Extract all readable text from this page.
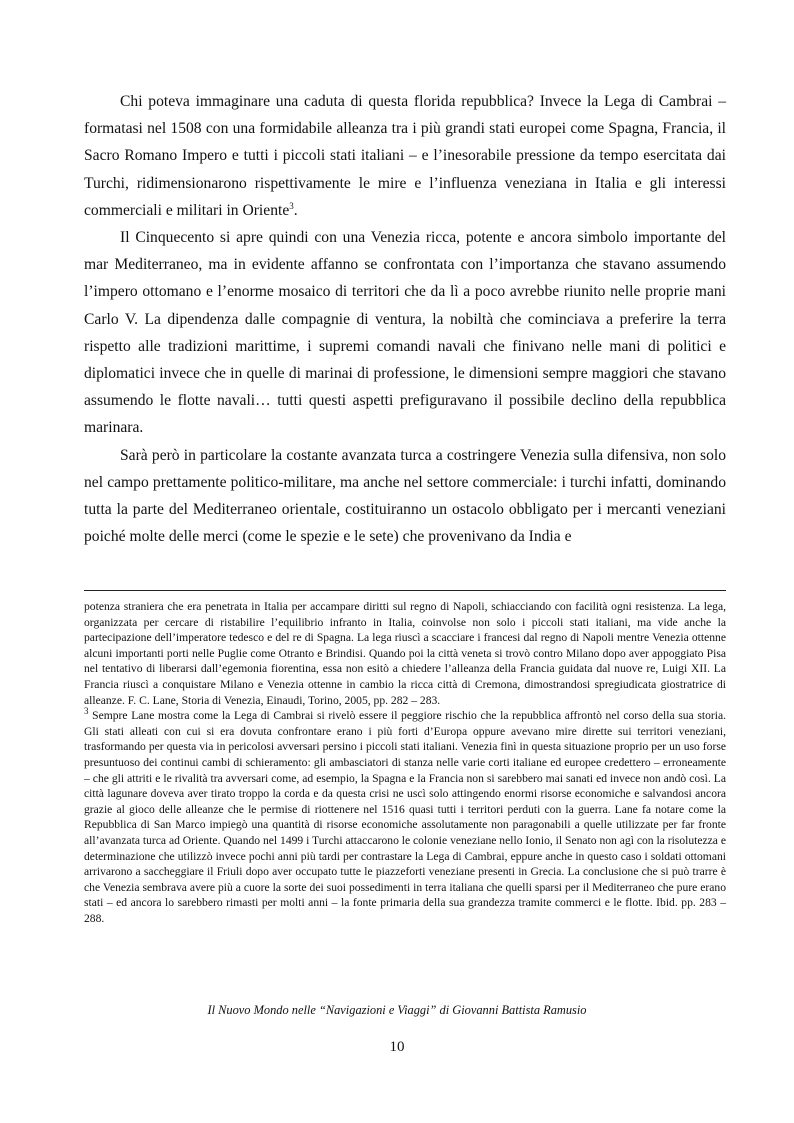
Chi poteva immaginare una caduta di questa florida repubblica? Invece la Lega di Cambrai – formatasi nel 1508 con una formidabile alleanza tra i più grandi stati europei come Spagna, Francia, il Sacro Romano Impero e tutti i piccoli stati italiani – e l’inesorabile pressione da tempo esercitata dai Turchi, ridimensionarono rispettivamente le mire e l’influenza veneziana in Italia e gli interessi commerciali e militari in Oriente$^3$.

Il Cinquecento si apre quindi con una Venezia ricca, potente e ancora simbolo importante del mar Mediterraneo, ma in evidente affanno se confrontata con l’importanza che stavano assumendo l’impero ottomano e l’enorme mosaico di territori che da lì a poco avrebbe riunito nelle proprie mani Carlo V. La dipendenza dalle compagnie di ventura, la nobiltà che cominciava a preferire la terra rispetto alle tradizioni marittime, i supremi comandi navali che finivano nelle mani di politici e diplomatici invece che in quelle di marinai di professione, le dimensioni sempre maggiori che stavano assumendo le flotte navali… tutti questi aspetti prefiguravano il possibile declino della repubblica marinara.

Sarà però in particolare la costante avanzata turca a costringere Venezia sulla difensiva, non solo nel campo prettamente politico-militare, ma anche nel settore commerciale: i turchi infatti, dominando tutta la parte del Mediterraneo orientale, costituiranno un ostacolo obbligato per i mercanti veneziani poiché molte delle merci (come le spezie e le sete) che provenivano da India e

potenza straniera che era penetrata in Italia per accampare diritti sul regno di Napoli, schiacciando con facilità ogni resistenza. La lega, organizzata per cercare di ristabilire l’equilibrio infranto in Italia, coinvolse non solo i piccoli stati italiani, ma vide anche la partecipazione dell’imperatore tedesco e del re di Spagna. La lega riuscì a scacciare i francesi dal regno di Napoli mentre Venezia ottenne alcuni importanti porti nelle Puglie come Otranto e Brindisi. Quando poi la città veneta si trovò contro Milano dopo aver appoggiato Pisa nel tentativo di liberarsi dall’egemonia fiorentina, essa non esitò a chiedere l’alleanza della Francia guidata dal nuove re, Luigi XII. La Francia riuscì a conquistare Milano e Venezia ottenne in cambio la ricca città di Cremona, dimostrandosi spregiudicata giostratrice di alleanze. F. C. Lane, Storia di Venezia, Einaudi, Torino, 2005, pp. 282 – 283.

$^3$ Sempre Lane mostra come la Lega di Cambrai si rivelò essere il peggiore rischio che la repubblica affrontò nel corso della sua storia. Gli stati alleati con cui si era dovuta confrontare erano i più forti d’Europa oppure avevano mire dirette sui territori veneziani, trasformando per questa via in pericolosi avversari persino i piccoli stati italiani. Venezia finì in questa situazione proprio per un uso forse presuntuoso dei continui cambi di schieramento: gli ambasciatori di stanza nelle varie corti italiane ed europee credettero – erroneamente – che gli attriti e le rivalità tra avversari come, ad esempio, la Spagna e la Francia non si sarebbero mai sanati ed invece non andò così. La città lagunare doveva aver tirato troppo la corda e da questa crisi ne uscì solo attingendo enormi risorse economiche e salvandosi ancora grazie al gioco delle alleanze che le permise di riottenere nel 1516 quasi tutti i territori perduti con la guerra. Lane fa notare come la Repubblica di San Marco impiegò una quantità di risorse economiche assolutamente non paragonabili a quelle utilizzate per far fronte all’avanzata turca ad Oriente. Quando nel 1499 i Turchi attaccarono le colonie veneziane nello Ionio, il Senato non agì con la risolutezza e determinazione che utilizzò invece pochi anni più tardi per contrastare la Lega di Cambrai, eppure anche in questo caso i soldati ottomani arrivarono a saccheggiare il Friuli dopo aver occupato tutte le piazzeforti veneziane presenti in Grecia. La conclusione che si può trarre è che Venezia sembrava avere più a cuore la sorte dei suoi possedimenti in terra italiana che quelli sparsi per il Mediterraneo che pure erano stati – ed ancora lo sarebbero rimasti per molti anni – la fonte primaria della sua grandezza tramite commerci e le flotte. Ibid. pp. 283 – 288.

Il Nuovo Mondo nelle “Navigazioni e Viaggi” di Giovanni Battista Ramusio
10
